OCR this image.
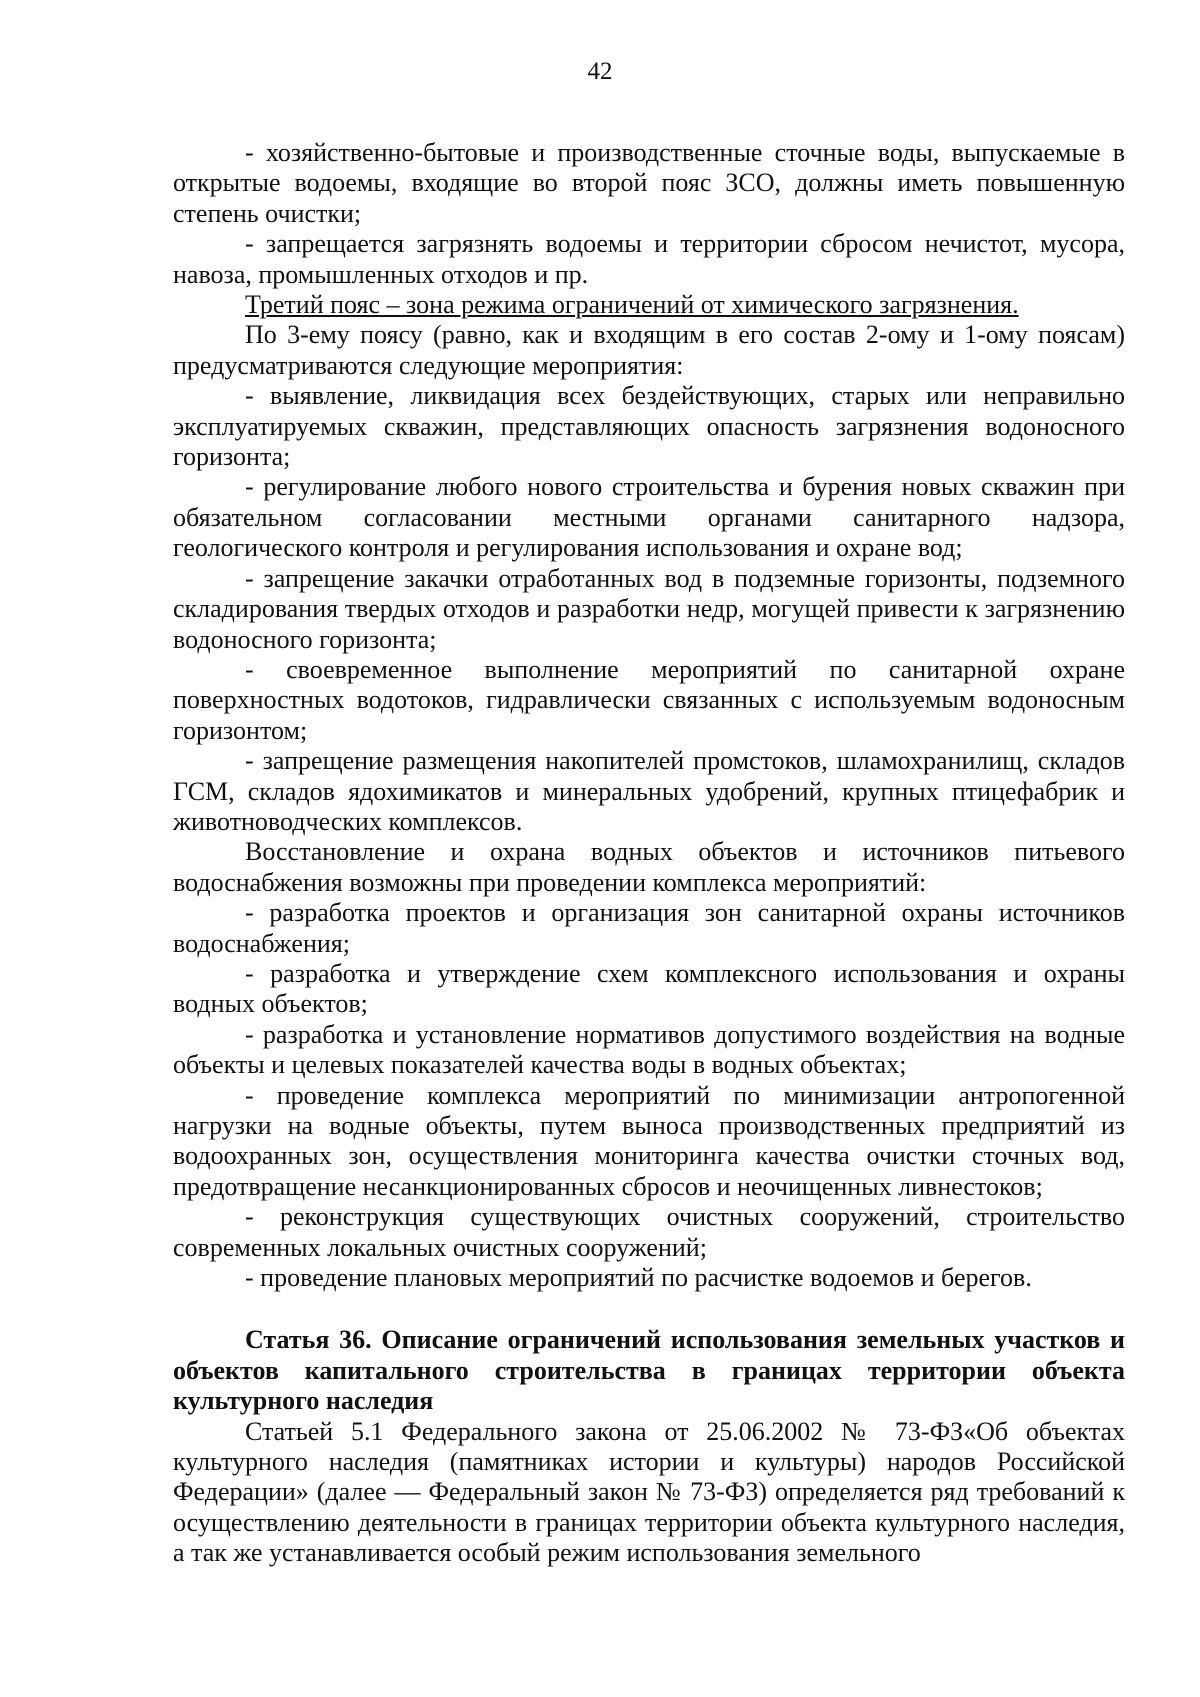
42

- хозяйственно-бытовые и производственные сточные воды, выпускаемые в открытые водоемы, входящие во второй пояс ЗСО, должны иметь повышенную степень очистки;

- запрещается загрязнять водоемы и территории сбросом нечистот, мусора, навоза, промышленных отходов и пр.

Третий пояс – зона режима ограничений от химического загрязнения.

По 3-ему поясу (равно, как и входящим в его состав 2-ому и 1-ому поясам) предусматриваются следующие мероприятия:

- выявление, ликвидация всех бездействующих, старых или неправильно эксплуатируемых скважин, представляющих опасность загрязнения водоносного горизонта;

- регулирование любого нового строительства и бурения новых скважин при обязательном согласовании местными органами санитарного надзора, геологического контроля и регулирования использования и охране вод;

- запрещение закачки отработанных вод в подземные горизонты, подземного складирования твердых отходов и разработки недр, могущей привести к загрязнению водоносного горизонта;

- своевременное выполнение мероприятий по санитарной охране поверхностных водотоков, гидравлически связанных с используемым водоносным горизонтом;

- запрещение размещения накопителей промстоков, шламохранилищ, складов ГСМ, складов ядохимикатов и минеральных удобрений, крупных птицефабрик и животноводческих комплексов.

Восстановление и охрана водных объектов и источников питьевого водоснабжения возможны при проведении комплекса мероприятий:

- разработка проектов и организация зон санитарной охраны источников водоснабжения;

- разработка и утверждение схем комплексного использования и охраны водных объектов;

- разработка и установление нормативов допустимого воздействия на водные объекты и целевых показателей качества воды в водных объектах;

- проведение комплекса мероприятий по минимизации антропогенной нагрузки на водные объекты, путем выноса производственных предприятий из водоохранных зон, осуществления мониторинга качества очистки сточных вод, предотвращение несанкционированных сбросов и неочищенных ливнестоков;

- реконструкция существующих очистных сооружений, строительство современных локальных очистных сооружений;

- проведение плановых мероприятий по расчистке водоемов и берегов.

Статья 36. Описание ограничений использования земельных участков и объектов капитального строительства в границах территории объекта культурного наследия

Статьей 5.1 Федерального закона от 25.06.2002 № 73-ФЗ«Об объектах культурного наследия (памятниках истории и культуры) народов Российской Федерации» (далее — Федеральный закон № 73-ФЗ) определяется ряд требований к осуществлению деятельности в границах территории объекта культурного наследия, а так же устанавливается особый режим использования земельного
